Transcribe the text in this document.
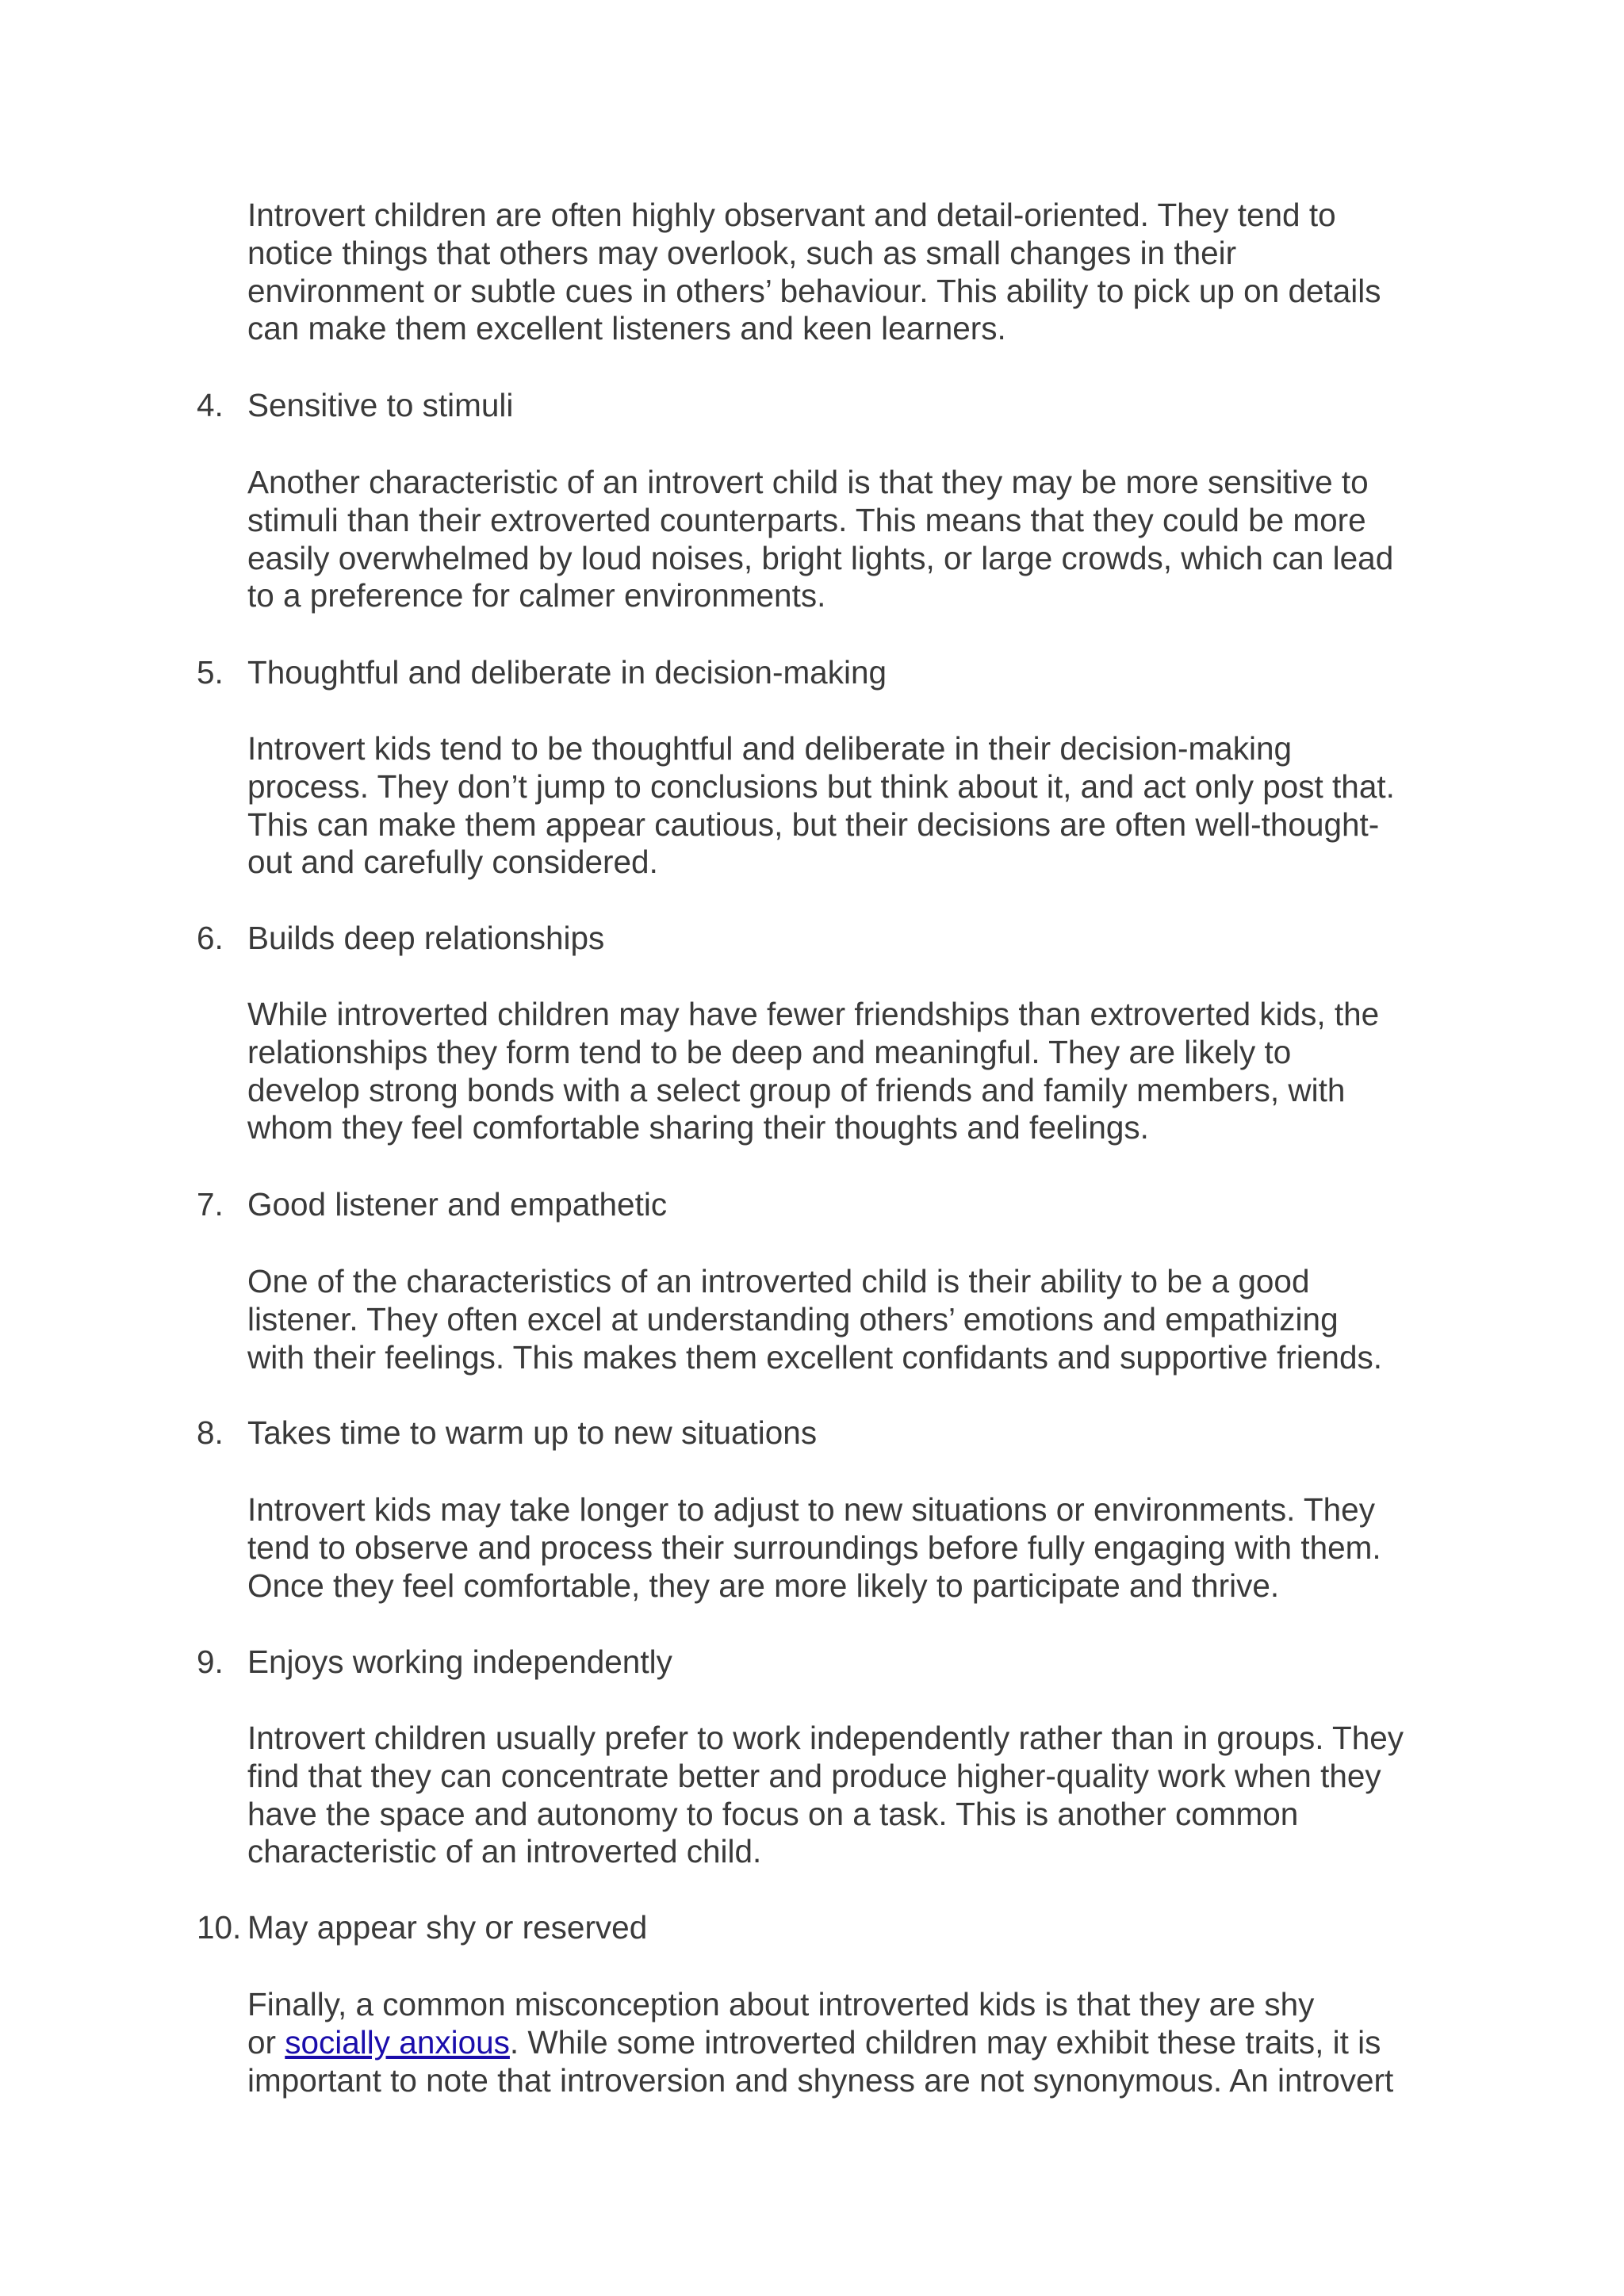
Introvert children are often highly observant and detail-oriented. They tend to
notice things that others may overlook, such as small changes in their
environment or subtle cues in others’ behaviour. This ability to pick up on details
can make them excellent listeners and keen learners.

4. Sensitive to stimuli

Another characteristic of an introvert child is that they may be more sensitive to
stimuli than their extroverted counterparts. This means that they could be more
easily overwhelmed by loud noises, bright lights, or large crowds, which can lead
to a preference for calmer environments.

5. Thoughtful and deliberate in decision-making

Introvert kids tend to be thoughtful and deliberate in their decision-making
process. They don’t jump to conclusions but think about it, and act only post that.
This can make them appear cautious, but their decisions are often well-thought-
out and carefully considered.

6. Builds deep relationships

While introverted children may have fewer friendships than extroverted kids, the
relationships they form tend to be deep and meaningful. They are likely to
develop strong bonds with a select group of friends and family members, with
whom they feel comfortable sharing their thoughts and feelings.

7. Good listener and empathetic

One of the characteristics of an introverted child is their ability to be a good
listener. They often excel at understanding others’ emotions and empathizing
with their feelings. This makes them excellent confidants and supportive friends.

8. Takes time to warm up to new situations

Introvert kids may take longer to adjust to new situations or environments. They
tend to observe and process their surroundings before fully engaging with them.
Once they feel comfortable, they are more likely to participate and thrive.

9. Enjoys working independently

Introvert children usually prefer to work independently rather than in groups. They
find that they can concentrate better and produce higher-quality work when they
have the space and autonomy to focus on a task. This is another common
characteristic of an introverted child.

10. May appear shy or reserved

Finally, a common misconception about introverted kids is that they are shy
or socially anxious. While some introverted children may exhibit these traits, it is
important to note that introversion and shyness are not synonymous. An introvert
